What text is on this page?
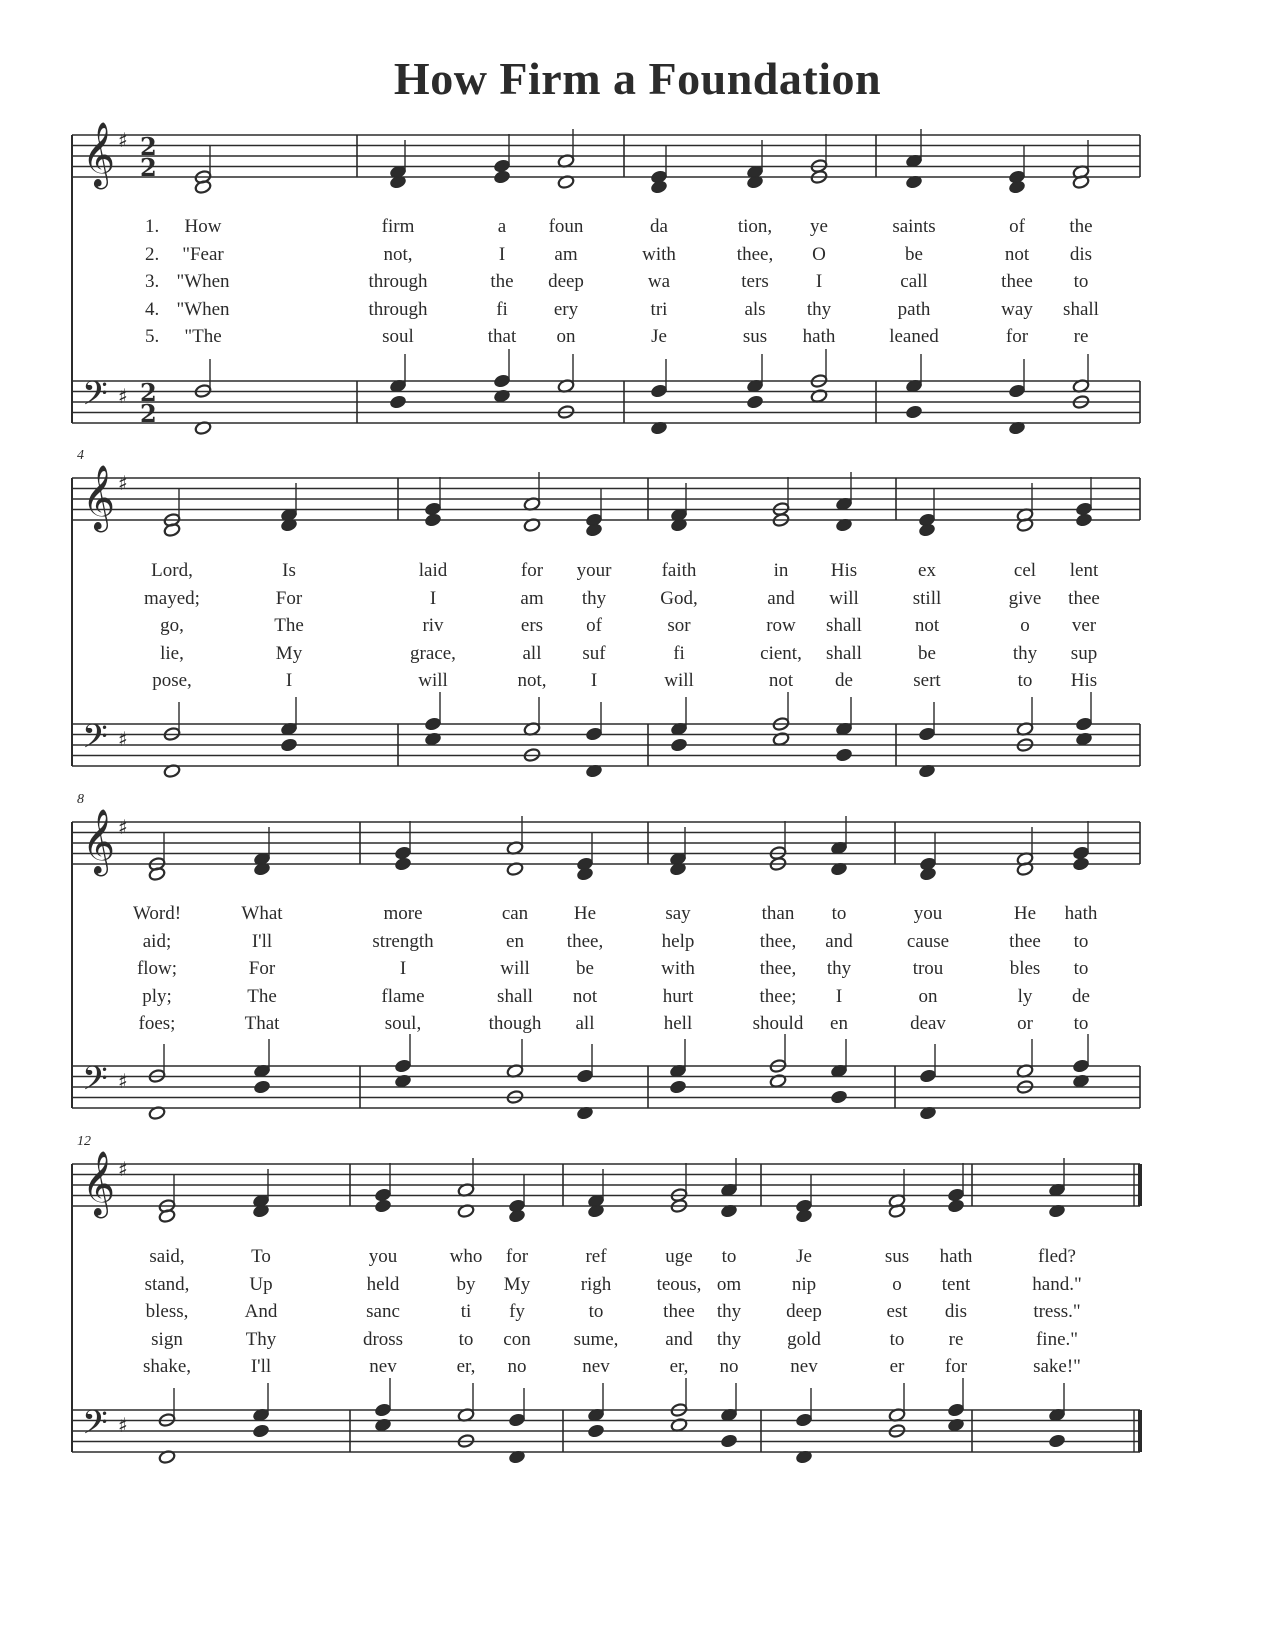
How Firm a Foundation
𝄞 ♯ 2
2
𝄢 ♯ 2
2
1. How	firm	a foun	da	tion, ye	saints	of the
2. "Fear	not,	I	am	with	thee, O	be	not dis
3. "When	through	the deep	wa	ters I	call	thee to
4. "When	through	fi ery	tri	als thy	path	way shall
5. "The	soul	that on	Je	sus hath	leaned	for re
4
𝄞 ♯
𝄢 ♯
Lord,	Is	laid	for your	faith	in His	ex	cel lent
mayed;	For	I	am thy	God,	and will	still	give thee
go,	The	riv	ers of	sor	row shall	not	o ver
lie,	My	grace,	all suf	fi	cient, shall	be	thy sup
pose,	I	will	not, I	will	not de	sert	to His
8
𝄞 ♯
𝄢 ♯
Word!	What	more	can He	say	than to	you	He hath
aid;	I'll	strength	en thee,	help	thee, and	cause	thee to
flow;	For	I	will be	with	thee, thy	trou	bles to
ply;	The	flame	shall not	hurt	thee; I	on	ly de
foes;	That	soul,	though all	hell	should en	deav	or to
12
𝄞 ♯
𝄢 ♯
said,	To	you	who for	ref	uge to	Je	sus hath	fled?
stand,	Up	held	by My	righ teous, om	nip	o tent	hand."
bless,	And	sanc	ti fy	to	thee thy deep	est dis	tress."
sign	Thy	dross	to con sume, and thy gold	to re	fine."
shake,	I'll	nev	er, no	nev	er, no	nev	er for	sake!"
